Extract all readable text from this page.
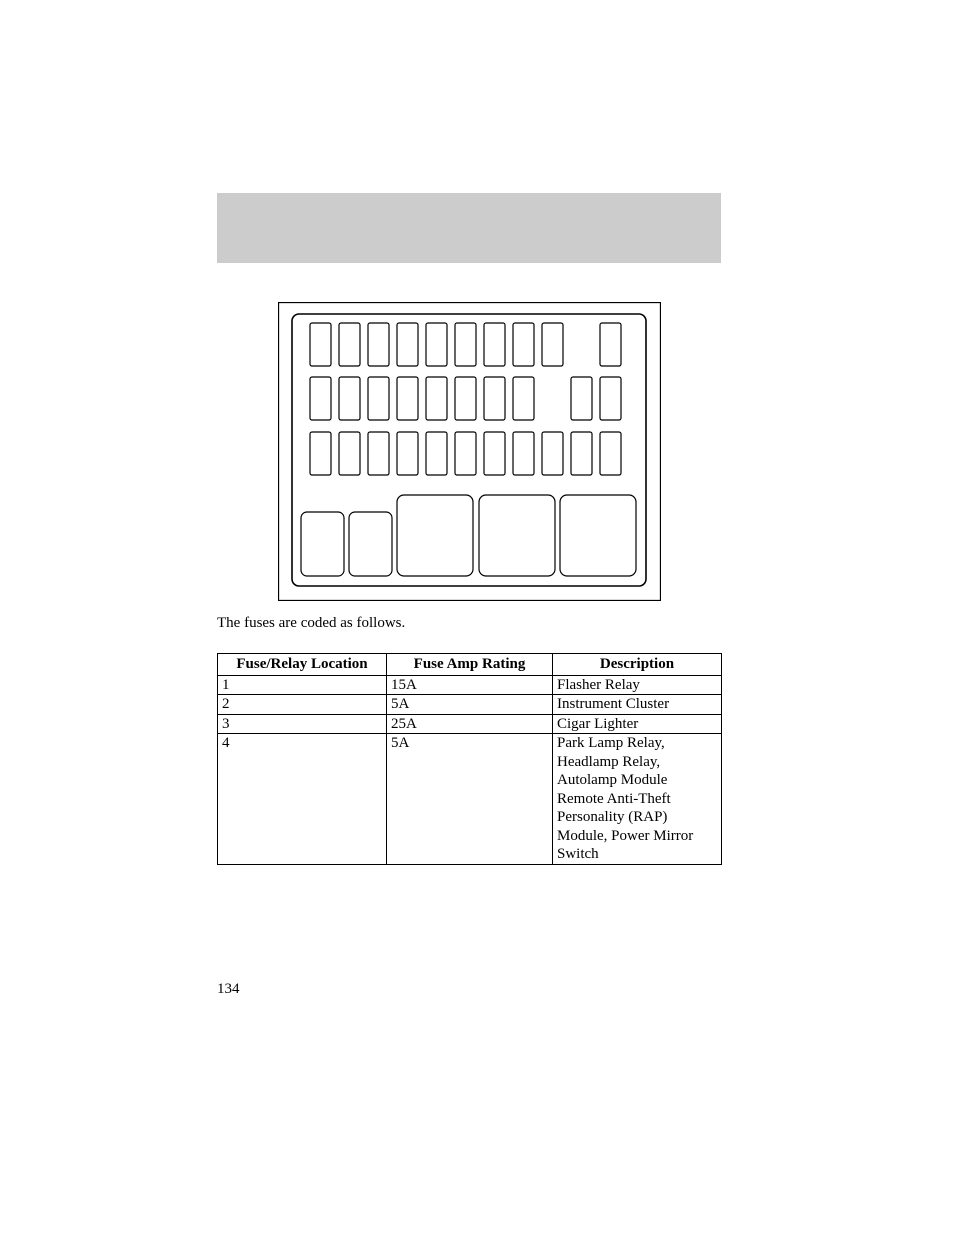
The fuses are coded as follows.

Fuse/Relay Location	Fuse Amp Rating	Description
1	15A	Flasher Relay
2	5A	Instrument Cluster
3	25A	Cigar Lighter
4	5A	Park Lamp Relay, Headlamp Relay, Autolamp Module Remote Anti-Theft Personality (RAP) Module, Power Mirror Switch

134
